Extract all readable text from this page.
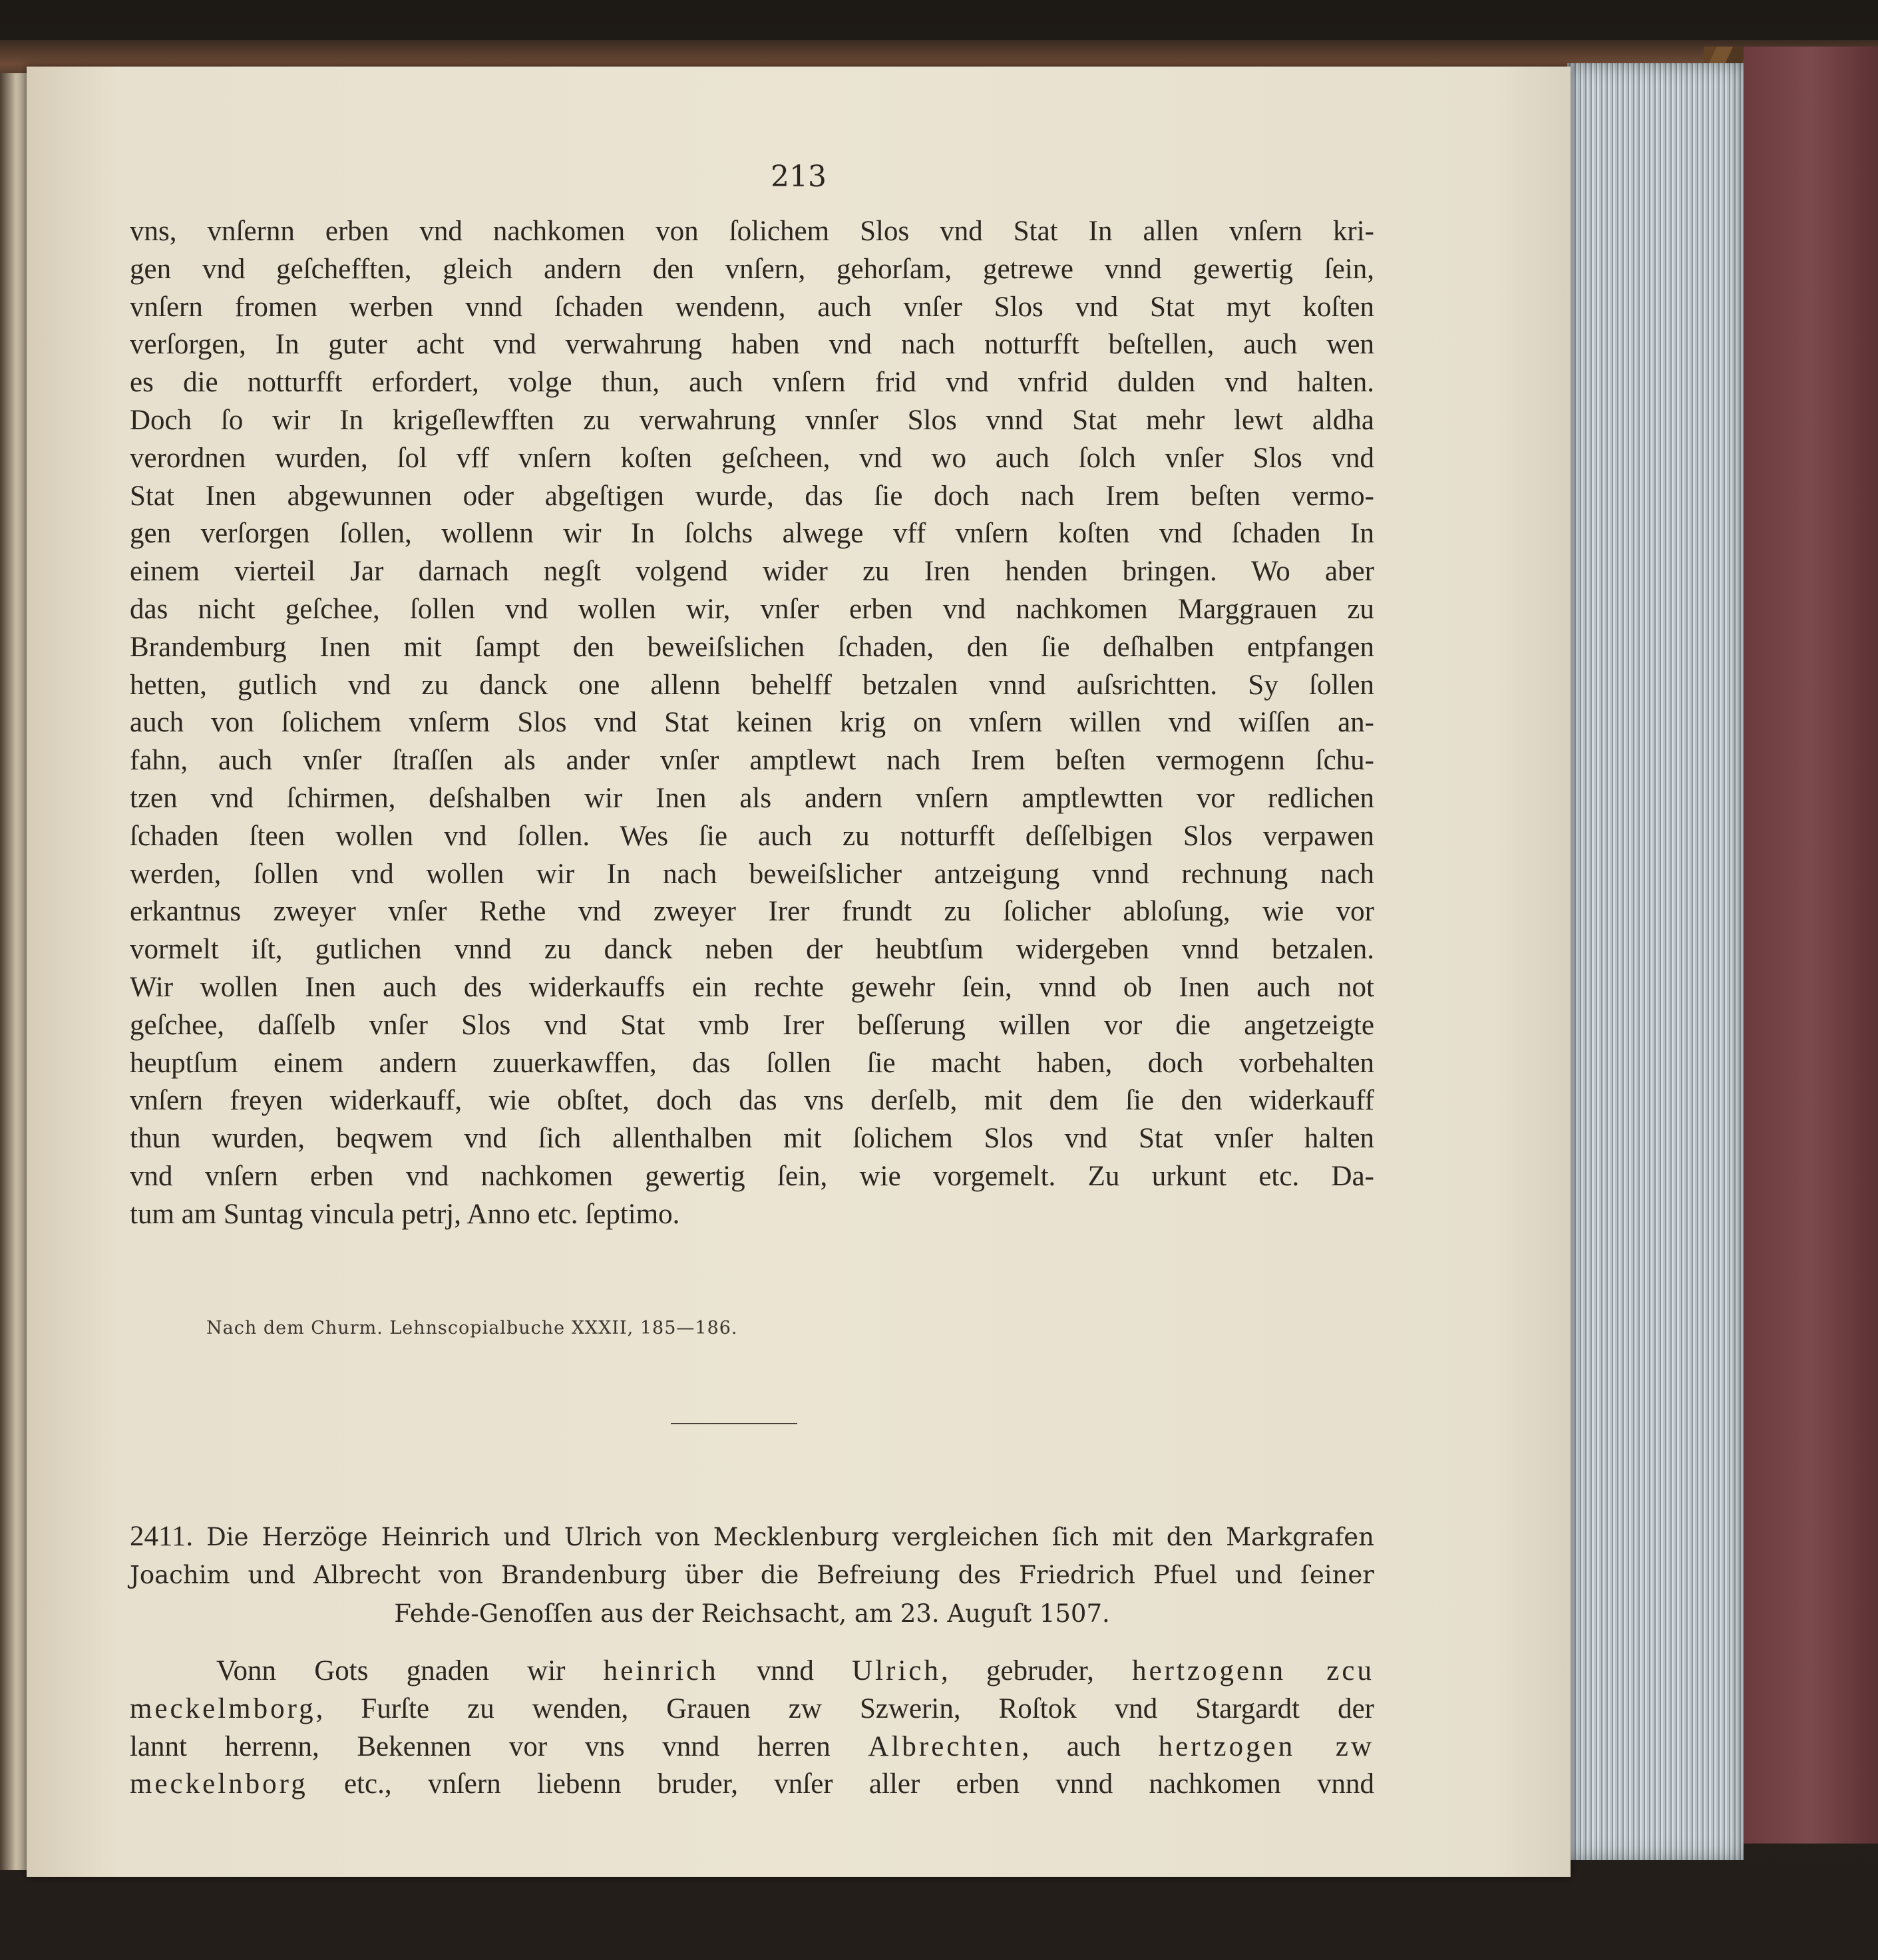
213
vns, vnſernn erben vnd nachkomen von ſolichem Slos vnd Stat In allen vnſern kri-
gen vnd geſchefften, gleich andern den vnſern, gehorſam, getrewe vnnd gewertig ſein,
vnſern fromen werben vnnd ſchaden wendenn, auch vnſer Slos vnd Stat myt koſten
verſorgen, In guter acht vnd verwahrung haben vnd nach notturfft beſtellen, auch wen
es die notturfft erfordert, volge thun, auch vnſern frid vnd vnfrid dulden vnd halten.
Doch ſo wir In krigeſlewfften zu verwahrung vnnſer Slos vnnd Stat mehr lewt aldha
verordnen wurden, ſol vff vnſern koſten geſcheen, vnd wo auch ſolch vnſer Slos vnd
Stat Inen abgewunnen oder abgeſtigen wurde, das ſie doch nach Irem beſten vermo-
gen verſorgen ſollen, wollenn wir In ſolchs alwege vff vnſern koſten vnd ſchaden In
einem vierteil Jar darnach negſt volgend wider zu Iren henden bringen. Wo aber
das nicht geſchee, ſollen vnd wollen wir, vnſer erben vnd nachkomen Marggrauen zu
Brandemburg Inen mit ſampt den beweiſslichen ſchaden, den ſie deſhalben entpfangen
hetten, gutlich vnd zu danck one allenn behelff betzalen vnnd auſsrichtten. Sy ſollen
auch von ſolichem vnſerm Slos vnd Stat keinen krig on vnſern willen vnd wiſſen an-
fahn, auch vnſer ſtraſſen als ander vnſer amptlewt nach Irem beſten vermogenn ſchu-
tzen vnd ſchirmen, deſshalben wir Inen als andern vnſern amptlewtten vor redlichen
ſchaden ſteen wollen vnd ſollen. Wes ſie auch zu notturfft deſſelbigen Slos verpawen
werden, ſollen vnd wollen wir In nach beweiſslicher antzeigung vnnd rechnung nach
erkantnus zweyer vnſer Rethe vnd zweyer Irer frundt zu ſolicher abloſung, wie vor
vormelt iſt, gutlichen vnnd zu danck neben der heubtſum widergeben vnnd betzalen.
Wir wollen Inen auch des widerkauffs ein rechte gewehr ſein, vnnd ob Inen auch not
geſchee, daſſelb vnſer Slos vnd Stat vmb Irer beſſerung willen vor die angetzeigte
heuptſum einem andern zuuerkawffen, das ſollen ſie macht haben, doch vorbehalten
vnſern freyen widerkauff, wie obſtet, doch das vns derſelb, mit dem ſie den widerkauff
thun wurden, beqwem vnd ſich allenthalben mit ſolichem Slos vnd Stat vnſer halten
vnd vnſern erben vnd nachkomen gewertig ſein, wie vorgemelt. Zu urkunt etc. Da-
tum am Suntag vincula petrj, Anno etc. ſeptimo.
Nach dem Churm. Lehnscopialbuche XXXII, 185—186.
2411. Die Herzöge Heinrich und Ulrich von Mecklenburg vergleichen ſich mit den Markgrafen
Joachim und Albrecht von Brandenburg über die Befreiung des Friedrich Pfuel und ſeiner
Fehde-Genoſſen aus der Reichsacht, am 23. Auguſt 1507.
Vonn Gots gnaden wir heinrich vnnd Ulrich, gebruder, hertzogenn zcu
meckelmborg, Furſte zu wenden, Grauen zw Szwerin, Roſtok vnd Stargardt der
lannt herrenn, Bekennen vor vns vnnd herren Albrechten, auch hertzogen zw
meckelnborg etc., vnſern liebenn bruder, vnſer aller erben vnnd nachkomen vnnd
